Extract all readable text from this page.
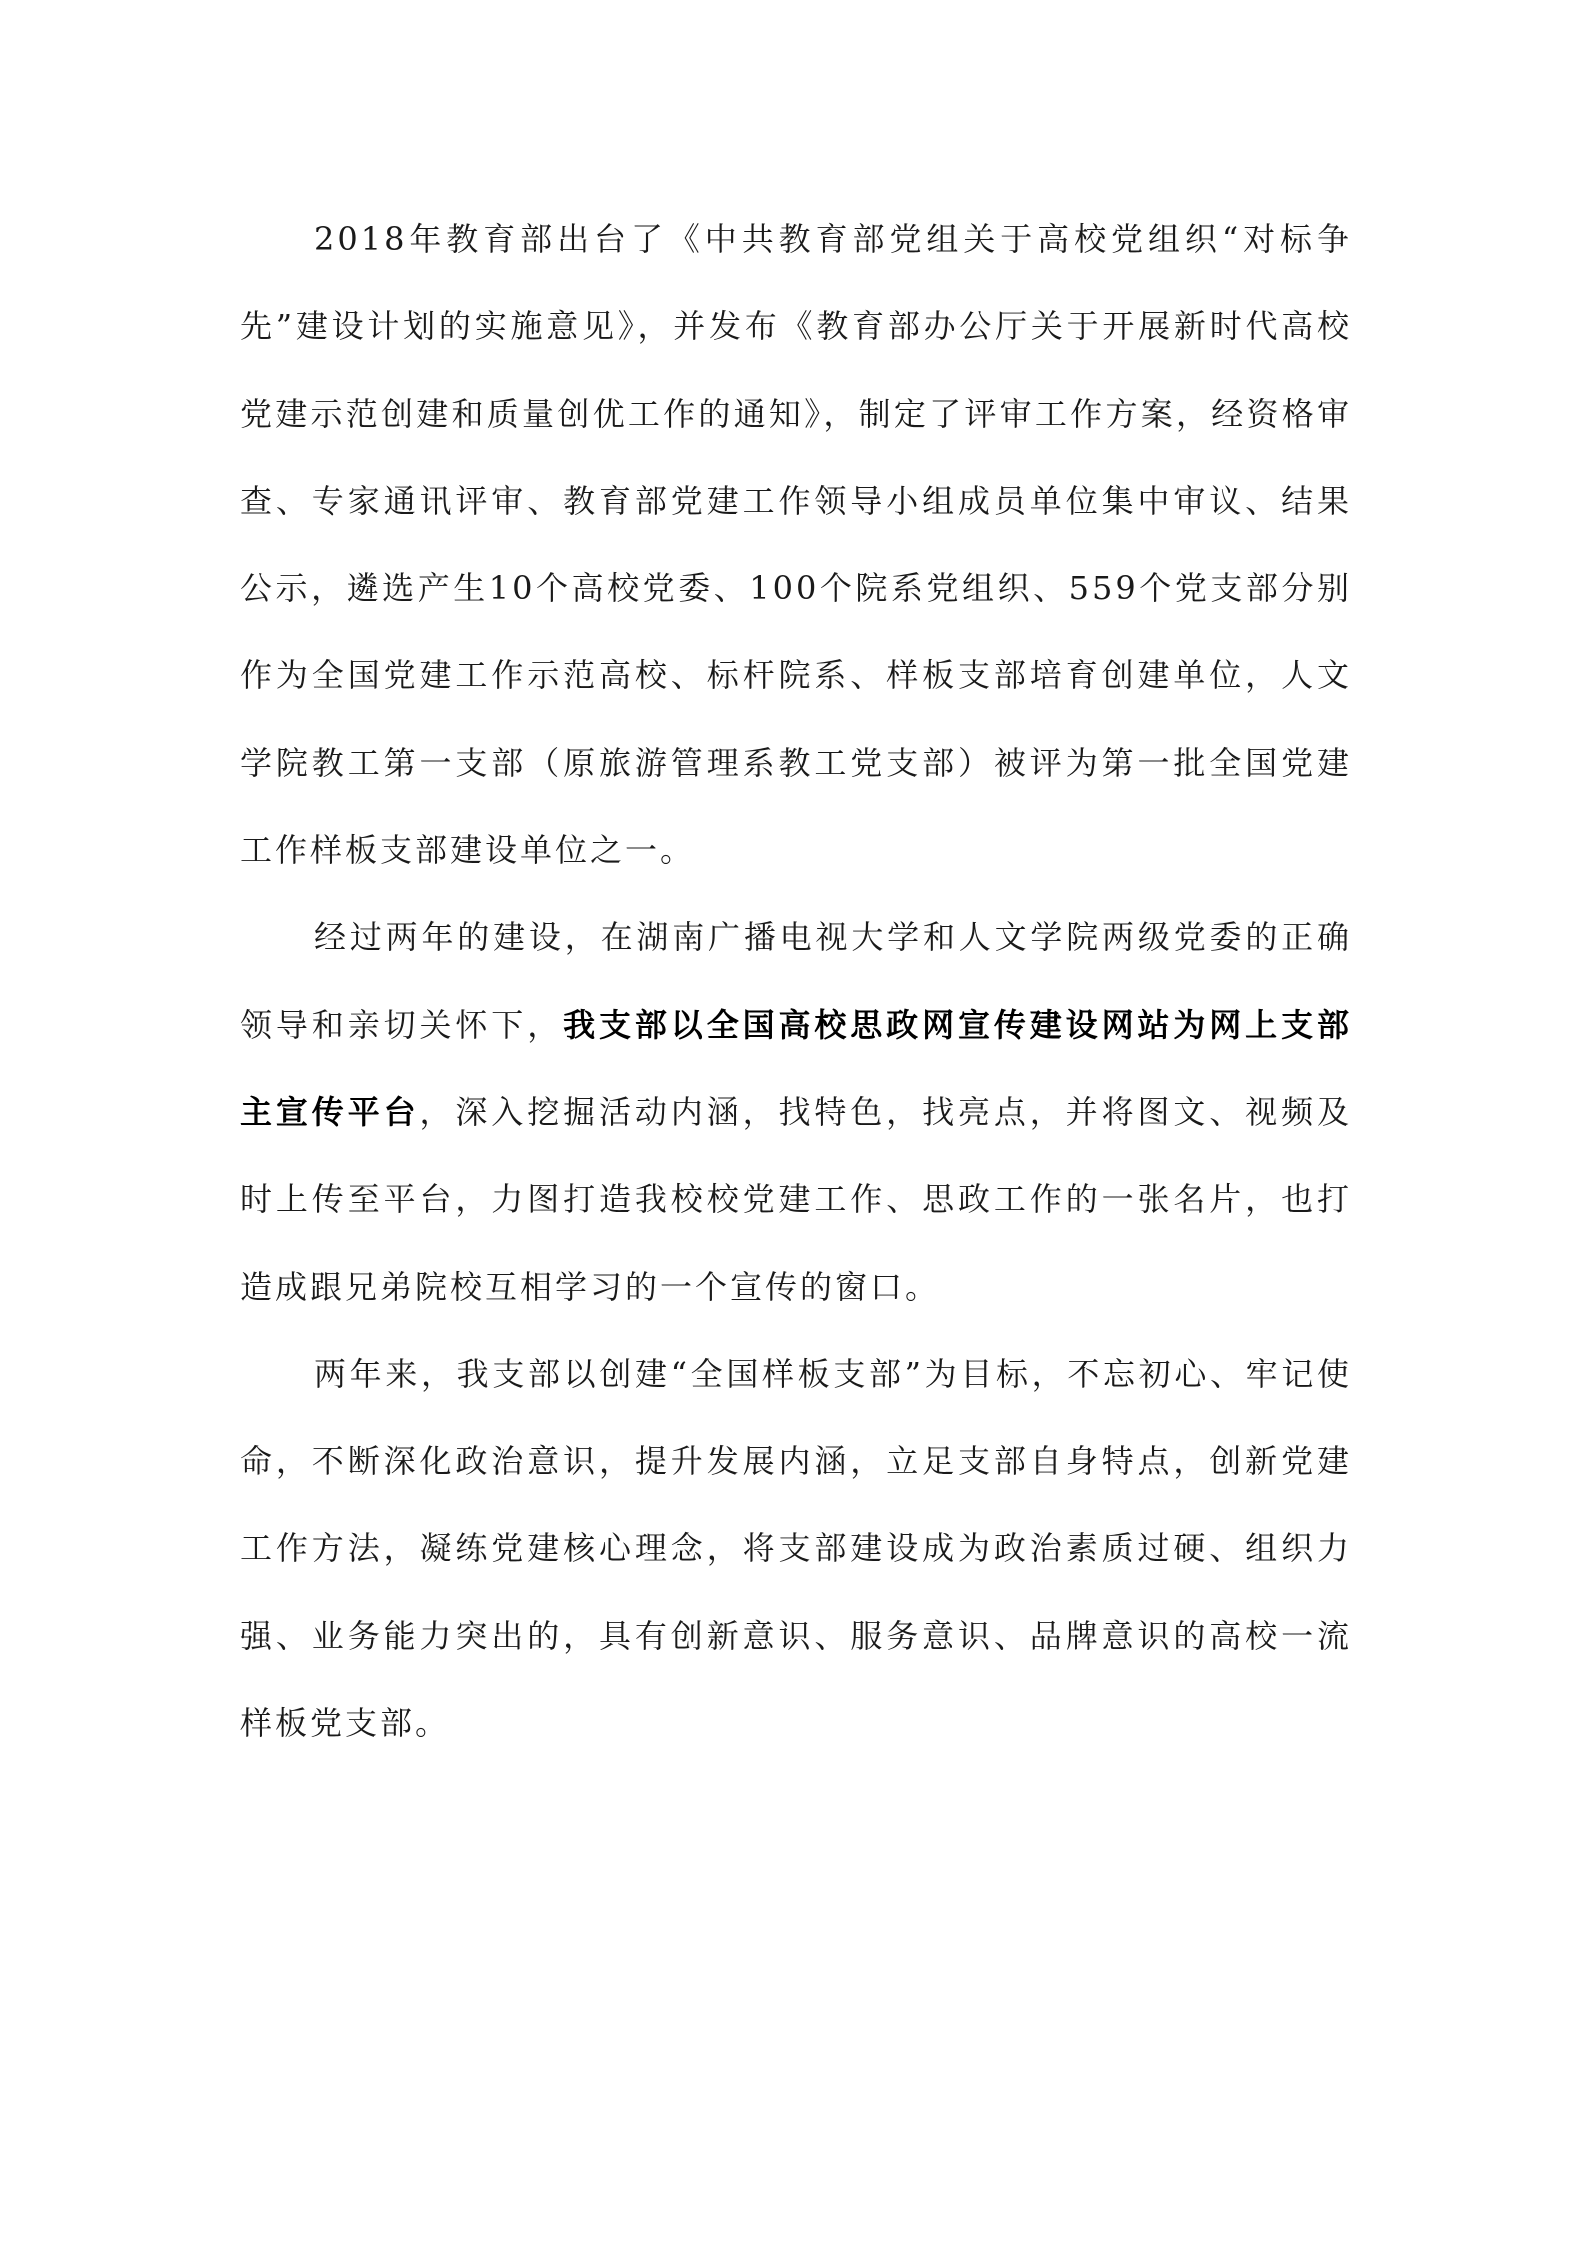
2018年教育部出台了《中共教育部党组关于高校党组织“对标争先”建设计划的实施意见》，并发布《教育部办公厅关于开展新时代高校党建示范创建和质量创优工作的通知》，制定了评审工作方案，经资格审查、专家通讯评审、教育部党建工作领导小组成员单位集中审议、结果公示，遴选产生10个高校党委、100个院系党组织、559个党支部分别作为全国党建工作示范高校、标杆院系、样板支部培育创建单位，人文学院教工第一支部（原旅游管理系教工党支部）被评为第一批全国党建工作样板支部建设单位之一。

经过两年的建设，在湖南广播电视大学和人文学院两级党委的正确领导和亲切关怀下，我支部以全国高校思政网宣传建设网站为网上支部主宣传平台，深入挖掘活动内涵，找特色，找亮点，并将图文、视频及时上传至平台，力图打造我校校党建工作、思政工作的一张名片，也打造成跟兄弟院校互相学习的一个宣传的窗口。

两年来，我支部以创建“全国样板支部”为目标，不忘初心、牢记使命，不断深化政治意识，提升发展内涵，立足支部自身特点，创新党建工作方法，凝练党建核心理念，将支部建设成为政治素质过硬、组织力强、业务能力突出的，具有创新意识、服务意识、品牌意识的高校一流样板党支部。
